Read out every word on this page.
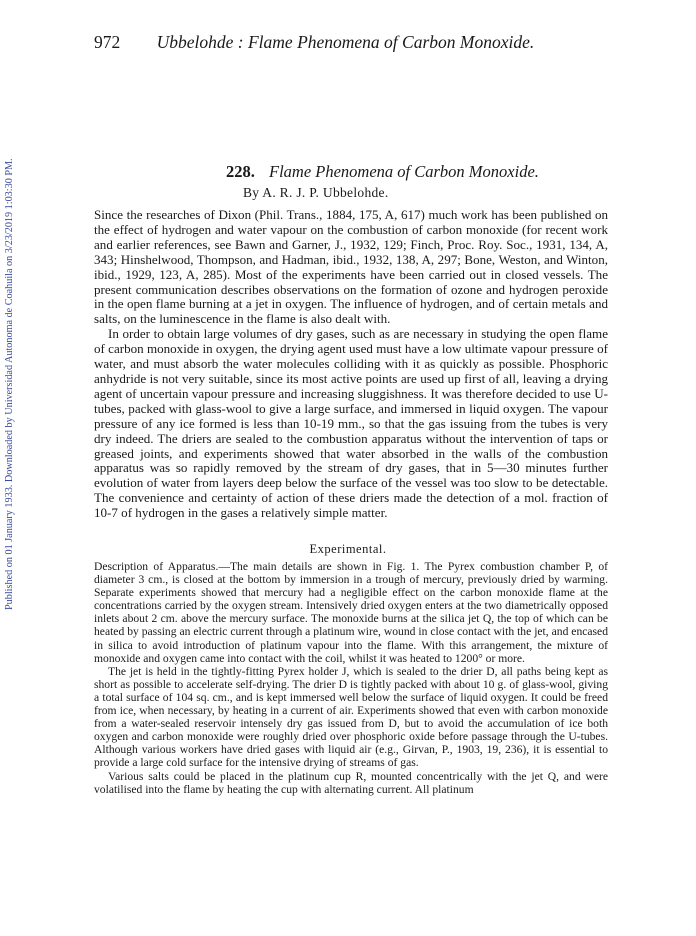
Published on 01 January 1933. Downloaded by Universidad Autonoma de Coahuila on 3/23/2019 1:03:30 PM.
972 Ubbelohde : Flame Phenomena of Carbon Monoxide.
228. Flame Phenomena of Carbon Monoxide.
By A. R. J. P. Ubbelohde.

Since the researches of Dixon (Phil. Trans., 1884, 175, A, 617) much work has been published on the effect of hydrogen and water vapour on the combustion of carbon monoxide (for recent work and earlier references, see Bawn and Garner, J., 1932, 129; Finch, Proc. Roy. Soc., 1931, 134, A, 343; Hinshelwood, Thompson, and Hadman, ibid., 1932, 138, A, 297; Bone, Weston, and Winton, ibid., 1929, 123, A, 285). Most of the experiments have been carried out in closed vessels. The present communication describes observations on the formation of ozone and hydrogen peroxide in the open flame burning at a jet in oxygen. The influence of hydrogen, and of certain metals and salts, on the luminescence in the flame is also dealt with.

In order to obtain large volumes of dry gases, such as are necessary in studying the open flame of carbon monoxide in oxygen, the drying agent used must have a low ultimate vapour pressure of water, and must absorb the water molecules colliding with it as quickly as possible. Phosphoric anhydride is not very suitable, since its most active points are used up first of all, leaving a drying agent of uncertain vapour pressure and increasing sluggishness. It was therefore decided to use U-tubes, packed with glass-wool to give a large surface, and immersed in liquid oxygen. The vapour pressure of any ice formed is less than 10-19 mm., so that the gas issuing from the tubes is very dry indeed. The driers are sealed to the combustion apparatus without the intervention of taps or greased joints, and experiments showed that water absorbed in the walls of the combustion apparatus was so rapidly removed by the stream of dry gases, that in 5—30 minutes further evolution of water from layers deep below the surface of the vessel was too slow to be detectable. The convenience and certainty of action of these driers made the detection of a mol. fraction of 10-7 of hydrogen in the gases a relatively simple matter.

Experimental.

Description of Apparatus.—The main details are shown in Fig. 1. The Pyrex combustion chamber P, of diameter 3 cm., is closed at the bottom by immersion in a trough of mercury, previously dried by warming. Separate experiments showed that mercury had a negligible effect on the carbon monoxide flame at the concentrations carried by the oxygen stream. Intensively dried oxygen enters at the two diametrically opposed inlets about 2 cm. above the mercury surface. The monoxide burns at the silica jet Q, the top of which can be heated by passing an electric current through a platinum wire, wound in close contact with the jet, and encased in silica to avoid introduction of platinum vapour into the flame. With this arrangement, the mixture of monoxide and oxygen came into contact with the coil, whilst it was heated to 1200° or more.

The jet is held in the tightly-fitting Pyrex holder J, which is sealed to the drier D, all paths being kept as short as possible to accelerate self-drying. The drier D is tightly packed with about 10 g. of glass-wool, giving a total surface of 104 sq. cm., and is kept immersed well below the surface of liquid oxygen. It could be freed from ice, when necessary, by heating in a current of air. Experiments showed that even with carbon monoxide from a water-sealed reservoir intensely dry gas issued from D, but to avoid the accumulation of ice both oxygen and carbon monoxide were roughly dried over phosphoric oxide before passage through the U-tubes. Although various workers have dried gases with liquid air (e.g., Girvan, P., 1903, 19, 236), it is essential to provide a large cold surface for the intensive drying of streams of gas.

Various salts could be placed in the platinum cup R, mounted concentrically with the jet Q, and were volatilised into the flame by heating the cup with alternating current. All platinum
